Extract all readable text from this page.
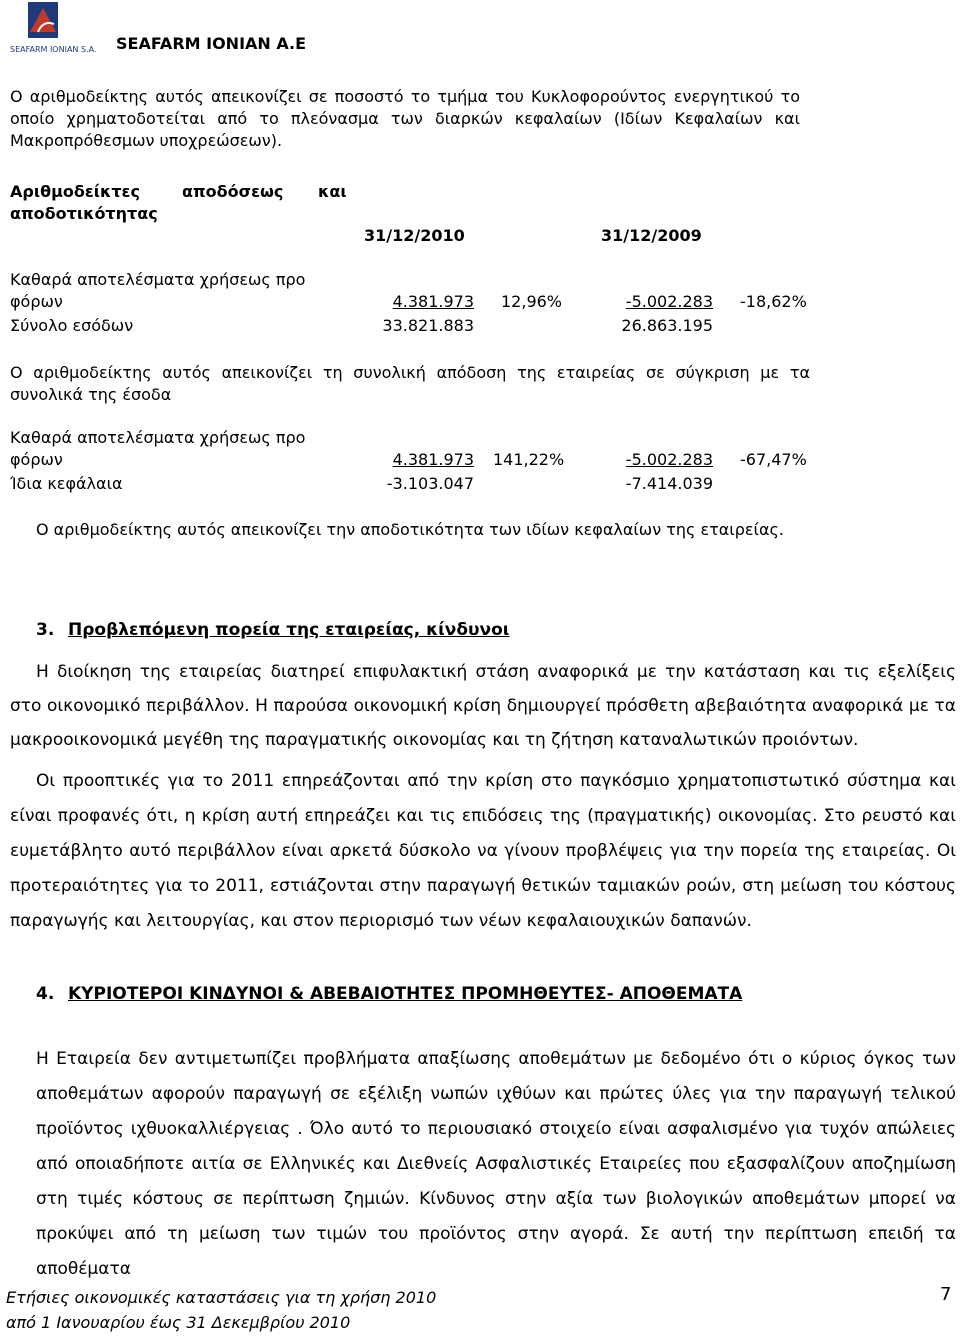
SEAFARM IONIAN S.A. SEAFARM IONIAN A.E
Ο αριθμοδείκτης αυτός απεικονίζει σε ποσοστό το τμήμα του Κυκλοφορούντος ενεργητικού το οποίο χρηματοδοτείται από το πλεόνασμα των διαρκών κεφαλαίων (Ιδίων Κεφαλαίων και Μακροπρόθεσμων υποχρεώσεων).
Αριθμοδείκτες	αποδόσεως και
αποδοτικότητας
31/12/2010	31/12/2009
Καθαρά αποτελέσματα χρήσεως προ
φόρων	4.381.973 12,96%	-5.002.283 -18,62%
Σύνολο εσόδων	33.821.883	26.863.195
Ο αριθμοδείκτης αυτός απεικονίζει τη συνολική απόδοση της εταιρείας σε σύγκριση με τα συνολικά της έσοδα
Καθαρά αποτελέσματα χρήσεως προ
φόρων	4.381.973 141,22%	-5.002.283 -67,47%
Ίδια κεφάλαια	-3.103.047	-7.414.039
Ο αριθμοδείκτης αυτός απεικονίζει την αποδοτικότητα των ιδίων κεφαλαίων της εταιρείας.
3. Προβλεπόμενη πορεία της εταιρείας, κίνδυνοι
Η διοίκηση της εταιρείας διατηρεί επιφυλακτική στάση αναφορικά με την κατάσταση και τις εξελίξεις στο οικονομικό περιβάλλον. Η παρούσα οικονομική κρίση δημιουργεί πρόσθετη αβεβαιότητα αναφορικά με τα μακροοικονομικά μεγέθη της παραγματικής οικονομίας και τη ζήτηση καταναλωτικών προιόντων.
Οι προοπτικές για το 2011 επηρεάζονται από την κρίση στο παγκόσμιο χρηματοπιστωτικό σύστημα και είναι προφανές ότι, η κρίση αυτή επηρεάζει και τις επιδόσεις της (πραγματικής) οικονομίας. Στο ρευστό και ευμετάβλητο αυτό περιβάλλον είναι αρκετά δύσκολο να γίνουν προβλέψεις για την πορεία της εταιρείας. Οι προτεραιότητες για το 2011, εστιάζονται στην παραγωγή θετικών ταμιακών ροών, στη μείωση του κόστους παραγωγής και λειτουργίας, και στον περιορισμό των νέων κεφαλαιουχικών δαπανών.
4. ΚΥΡΙΟΤΕΡΟΙ ΚΙΝΔΥΝΟΙ & ΑΒΕΒΑΙΟΤΗΤΕΣ ΠΡΟΜΗΘΕΥΤΕΣ- ΑΠΟΘΕΜΑΤΑ
Η Εταιρεία δεν αντιμετωπίζει προβλήματα απαξίωσης αποθεμάτων με δεδομένο ότι ο κύριος όγκος των αποθεμάτων αφορούν παραγωγή σε εξέλιξη νωπών ιχθύων και πρώτες ύλες για την παραγωγή τελικού προϊόντος ιχθυοκαλλιέργειας . Όλο αυτό το περιουσιακό στοιχείο είναι ασφαλισμένο για τυχόν απώλειες από οποιαδήποτε αιτία σε Ελληνικές και Διεθνείς Ασφαλιστικές Εταιρείες που εξασφαλίζουν αποζημίωση στη τιμές κόστους σε περίπτωση ζημιών. Κίνδυνος στην αξία των βιολογικών αποθεμάτων μπορεί να προκύψει από τη μείωση των τιμών του προϊόντος στην αγορά. Σε αυτή την περίπτωση επειδή τα αποθέματα
Ετήσιες οικονομικές καταστάσεις για τη χρήση 2010
από 1 Ιανουαρίου έως 31 Δεκεμβρίου 2010
7
